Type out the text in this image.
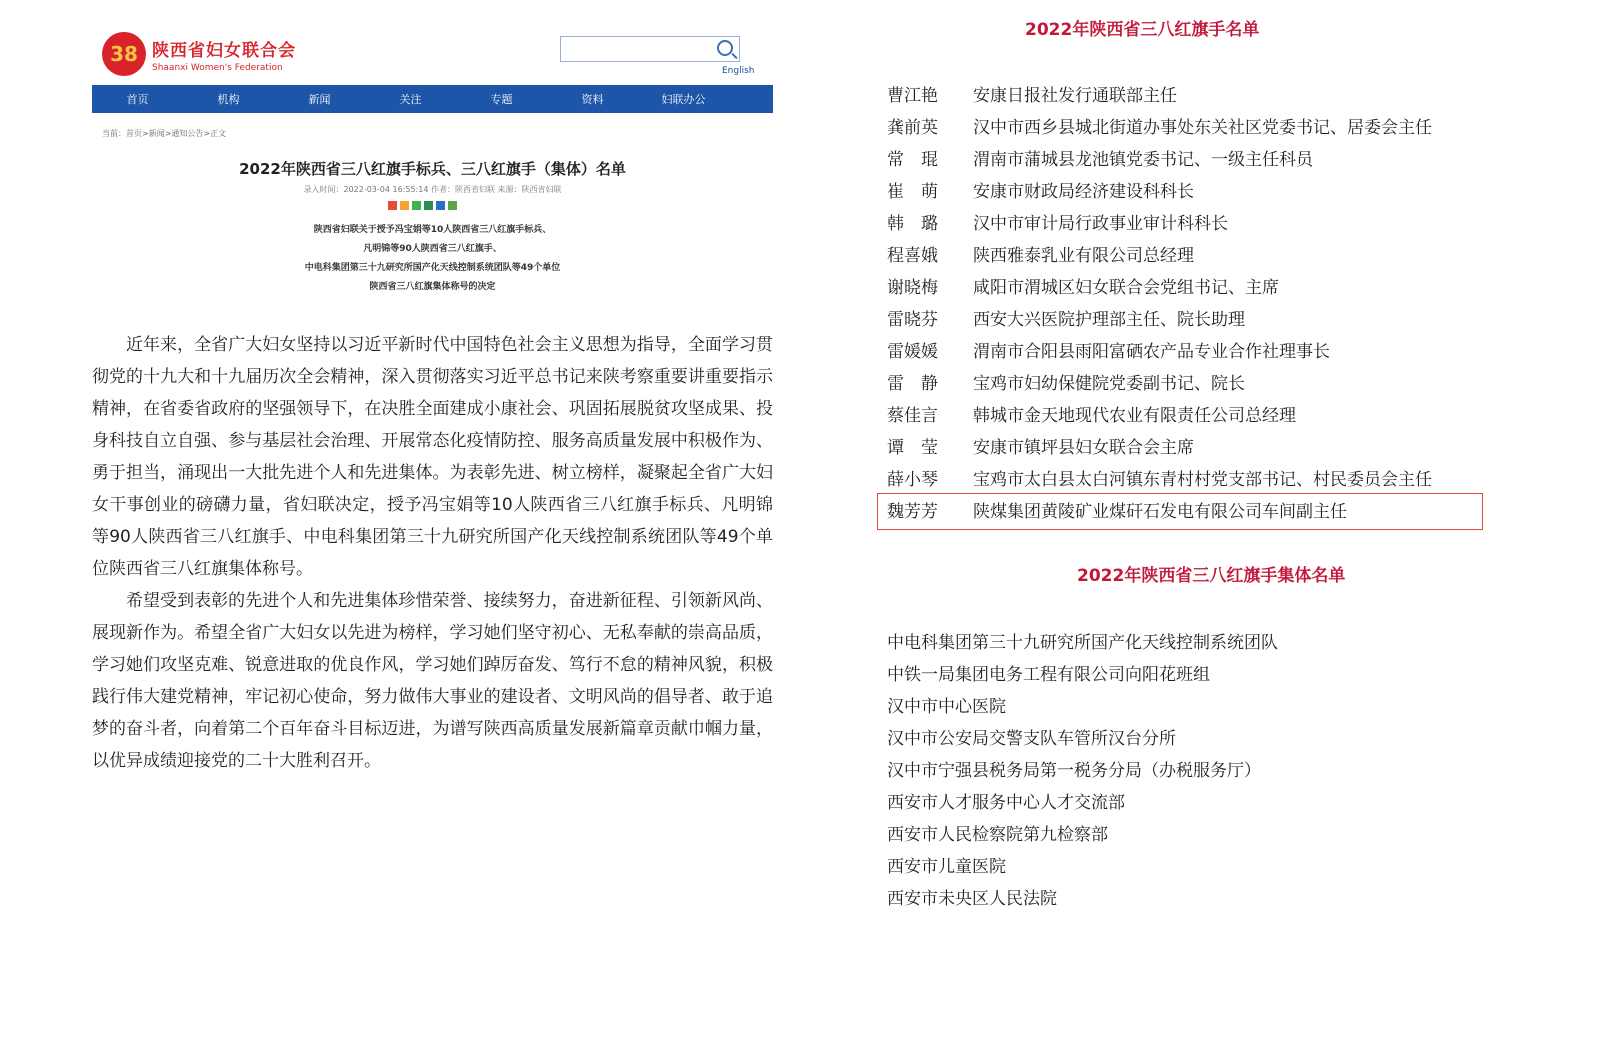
38 陕西省妇女联合会
Shaanxi Women's Federation	English
首页	机构	新闻	关注	专题	资料	妇联办公
当前：首页>新闻>通知公告>正文
2022年陕西省三八红旗手标兵、三八红旗手（集体）名单
录入时间：2022-03-04 16:55:14 作者：陕西省妇联 来源：陕西省妇联
陕西省妇联关于授予冯宝娟等10人陕西省三八红旗手标兵、
凡明锦等90人陕西省三八红旗手、
中电科集团第三十九研究所国产化天线控制系统团队等49个单位
陕西省三八红旗集体称号的决定

近年来，全省广大妇女坚持以习近平新时代中国特色社会主义思想为指导，全面学习贯彻党的十九大和十九届历次全会精神，深入贯彻落实习近平总书记来陕考察重要讲重要指示精神，在省委省政府的坚强领导下，在决胜全面建成小康社会、巩固拓展脱贫攻坚成果、投身科技自立自强、参与基层社会治理、开展常态化疫情防控、服务高质量发展中积极作为、勇于担当，涌现出一大批先进个人和先进集体。为表彰先进、树立榜样，凝聚起全省广大妇女干事创业的磅礴力量，省妇联决定，授予冯宝娟等10人陕西省三八红旗手标兵、凡明锦等90人陕西省三八红旗手、中电科集团第三十九研究所国产化天线控制系统团队等49个单位陕西省三八红旗集体称号。

希望受到表彰的先进个人和先进集体珍惜荣誉、接续努力，奋进新征程、引领新风尚、展现新作为。希望全省广大妇女以先进为榜样，学习她们坚守初心、无私奉献的崇高品质，学习她们攻坚克难、锐意进取的优良作风，学习她们踔厉奋发、笃行不怠的精神风貌，积极践行伟大建党精神，牢记初心使命，努力做伟大事业的建设者、文明风尚的倡导者、敢于追梦的奋斗者，向着第二个百年奋斗目标迈进，为谱写陕西高质量发展新篇章贡献巾帼力量，以优异成绩迎接党的二十大胜利召开。

2022年陕西省三八红旗手名单
曹江艳	安康日报社发行通联部主任
龚前英	汉中市西乡县城北街道办事处东关社区党委书记、居委会主任
常　琨	渭南市蒲城县龙池镇党委书记、一级主任科员
崔　萌	安康市财政局经济建设科科长
韩　璐	汉中市审计局行政事业审计科科长
程喜娥	陕西雅泰乳业有限公司总经理
谢晓梅	咸阳市渭城区妇女联合会党组书记、主席
雷晓芬	西安大兴医院护理部主任、院长助理
雷媛媛	渭南市合阳县雨阳富硒农产品专业合作社理事长
雷　静	宝鸡市妇幼保健院党委副书记、院长
蔡佳言	韩城市金天地现代农业有限责任公司总经理
谭　莹	安康市镇坪县妇女联合会主席
薛小琴	宝鸡市太白县太白河镇东青村村党支部书记、村民委员会主任
魏芳芳	陕煤集团黄陵矿业煤矸石发电有限公司车间副主任
2022年陕西省三八红旗手集体名单
中电科集团第三十九研究所国产化天线控制系统团队
中铁一局集团电务工程有限公司向阳花班组
汉中市中心医院
汉中市公安局交警支队车管所汉台分所
汉中市宁强县税务局第一税务分局（办税服务厅）
西安市人才服务中心人才交流部
西安市人民检察院第九检察部
西安市儿童医院
西安市未央区人民法院
